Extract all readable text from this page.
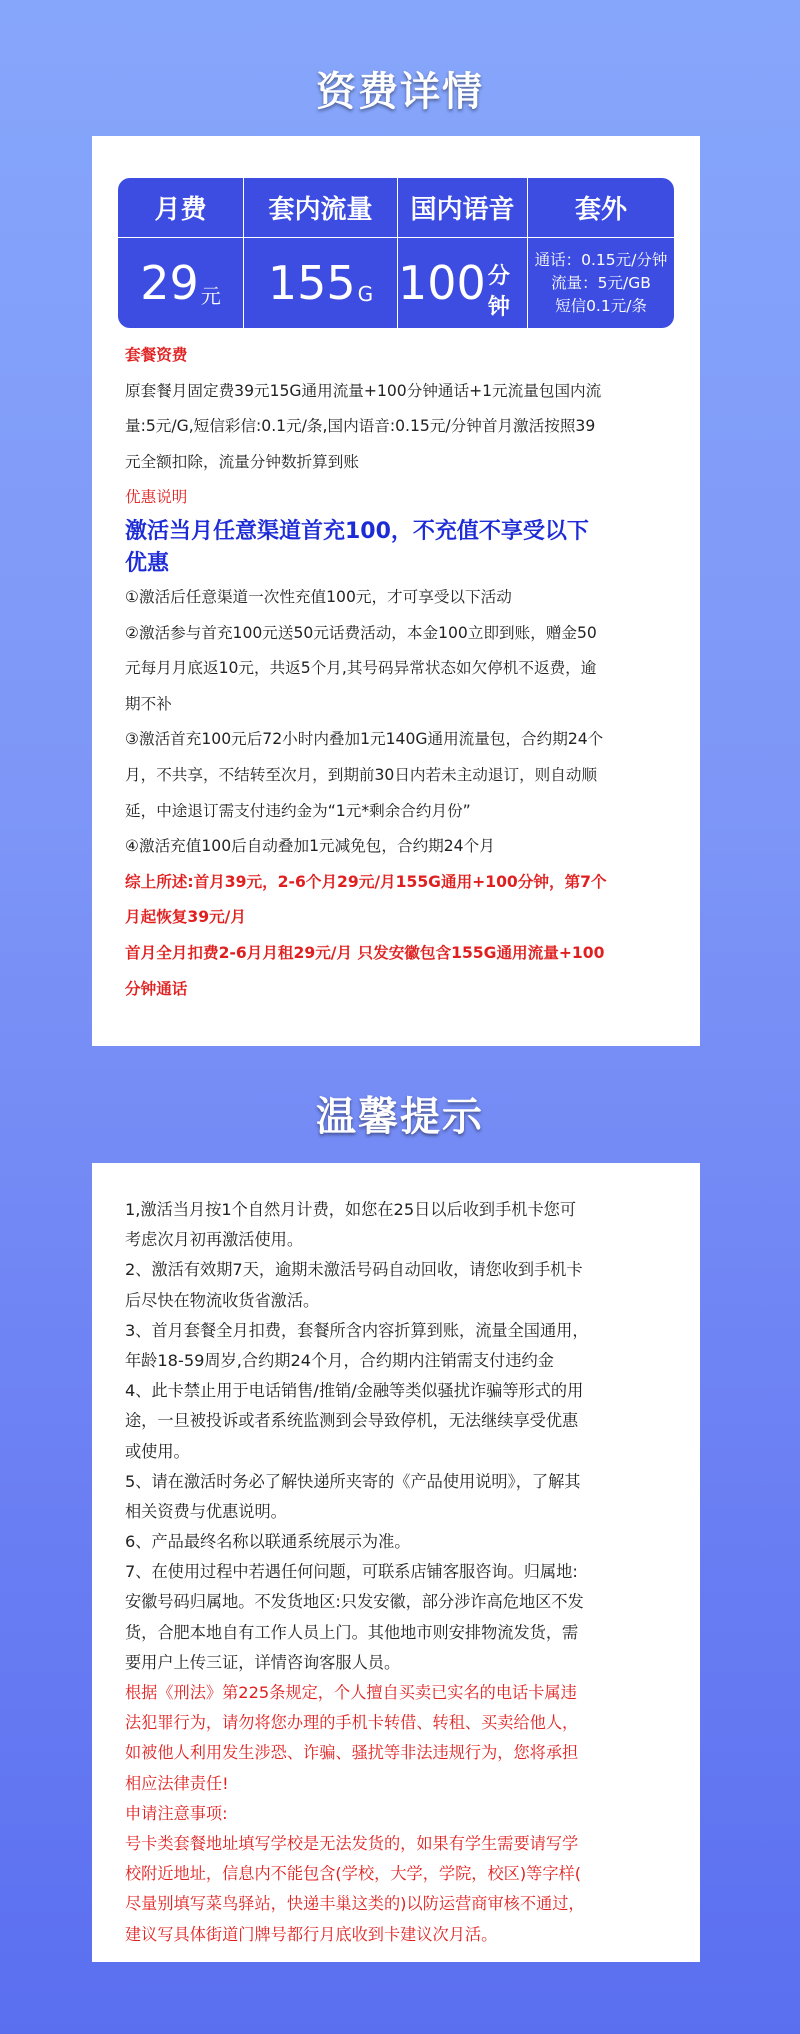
资费详情
月费	套内流量	国内语音	套外
29 元 155 G 100 分钟
通话：0.15元/分钟
流量：5元/GB
短信0.1元/条
套餐资费
原套餐月固定费39元15G通用流量+100分钟通话+1元流量包国内流
量:5元/G,短信彩信:0.1元/条,国内语音:0.15元/分钟首月激活按照39
元全额扣除，流量分钟数折算到账
优惠说明
激活当月任意渠道首充100，不充值不享受以下
优惠
①激活后任意渠道一次性充值100元，才可享受以下活动
②激活参与首充100元送50元话费活动，本金100立即到账，赠金50
元每月月底返10元，共返5个月,其号码异常状态如欠停机不返费，逾
期不补
③激活首充100元后72小时内叠加1元140G通用流量包，合约期24个
月，不共享，不结转至次月，到期前30日内若未主动退订，则自动顺
延，中途退订需支付违约金为“1元*剩余合约月份”
④激活充值100后自动叠加1元减免包，合约期24个月
综上所述:首月39元，2-6个月29元/月155G通用+100分钟，第7个
月起恢复39元/月
首月全月扣费2-6月月租29元/月 只发安徽包含155G通用流量+100
分钟通话
温馨提示
1,激活当月按1个自然月计费，如您在25日以后收到手机卡您可
考虑次月初再激活使用。
2、激活有效期7天，逾期未激活号码自动回收，请您收到手机卡
后尽快在物流收货省激活。
3、首月套餐全月扣费，套餐所含内容折算到账，流量全国通用，
年龄18-59周岁,合约期24个月，合约期内注销需支付违约金
4、此卡禁止用于电话销售/推销/金融等类似骚扰诈骗等形式的用
途，一旦被投诉或者系统监测到会导致停机，无法继续享受优惠
或使用。
5、请在激活时务必了解快递所夹寄的《产品使用说明》，了解其
相关资费与优惠说明。
6、产品最终名称以联通系统展示为准。
7、在使用过程中若遇任何问题，可联系店铺客服咨询。归属地:
安徽号码归属地。不发货地区:只发安徽，部分涉诈高危地区不发
货，合肥本地自有工作人员上门。其他地市则安排物流发货，需
要用户上传三证，详情咨询客服人员。
根据《刑法》第225条规定，个人擅自买卖已实名的电话卡属违
法犯罪行为，请勿将您办理的手机卡转借、转租、买卖给他人，
如被他人利用发生涉恐、诈骗、骚扰等非法违规行为，您将承担
相应法律责任!
申请注意事项:
号卡类套餐地址填写学校是无法发货的，如果有学生需要请写学
校附近地址，信息内不能包含(学校，大学，学院，校区)等字样(
尽量别填写菜鸟驿站，快递丰巢这类的)以防运营商审核不通过，
建议写具体街道门牌号都行月底收到卡建议次月活。
